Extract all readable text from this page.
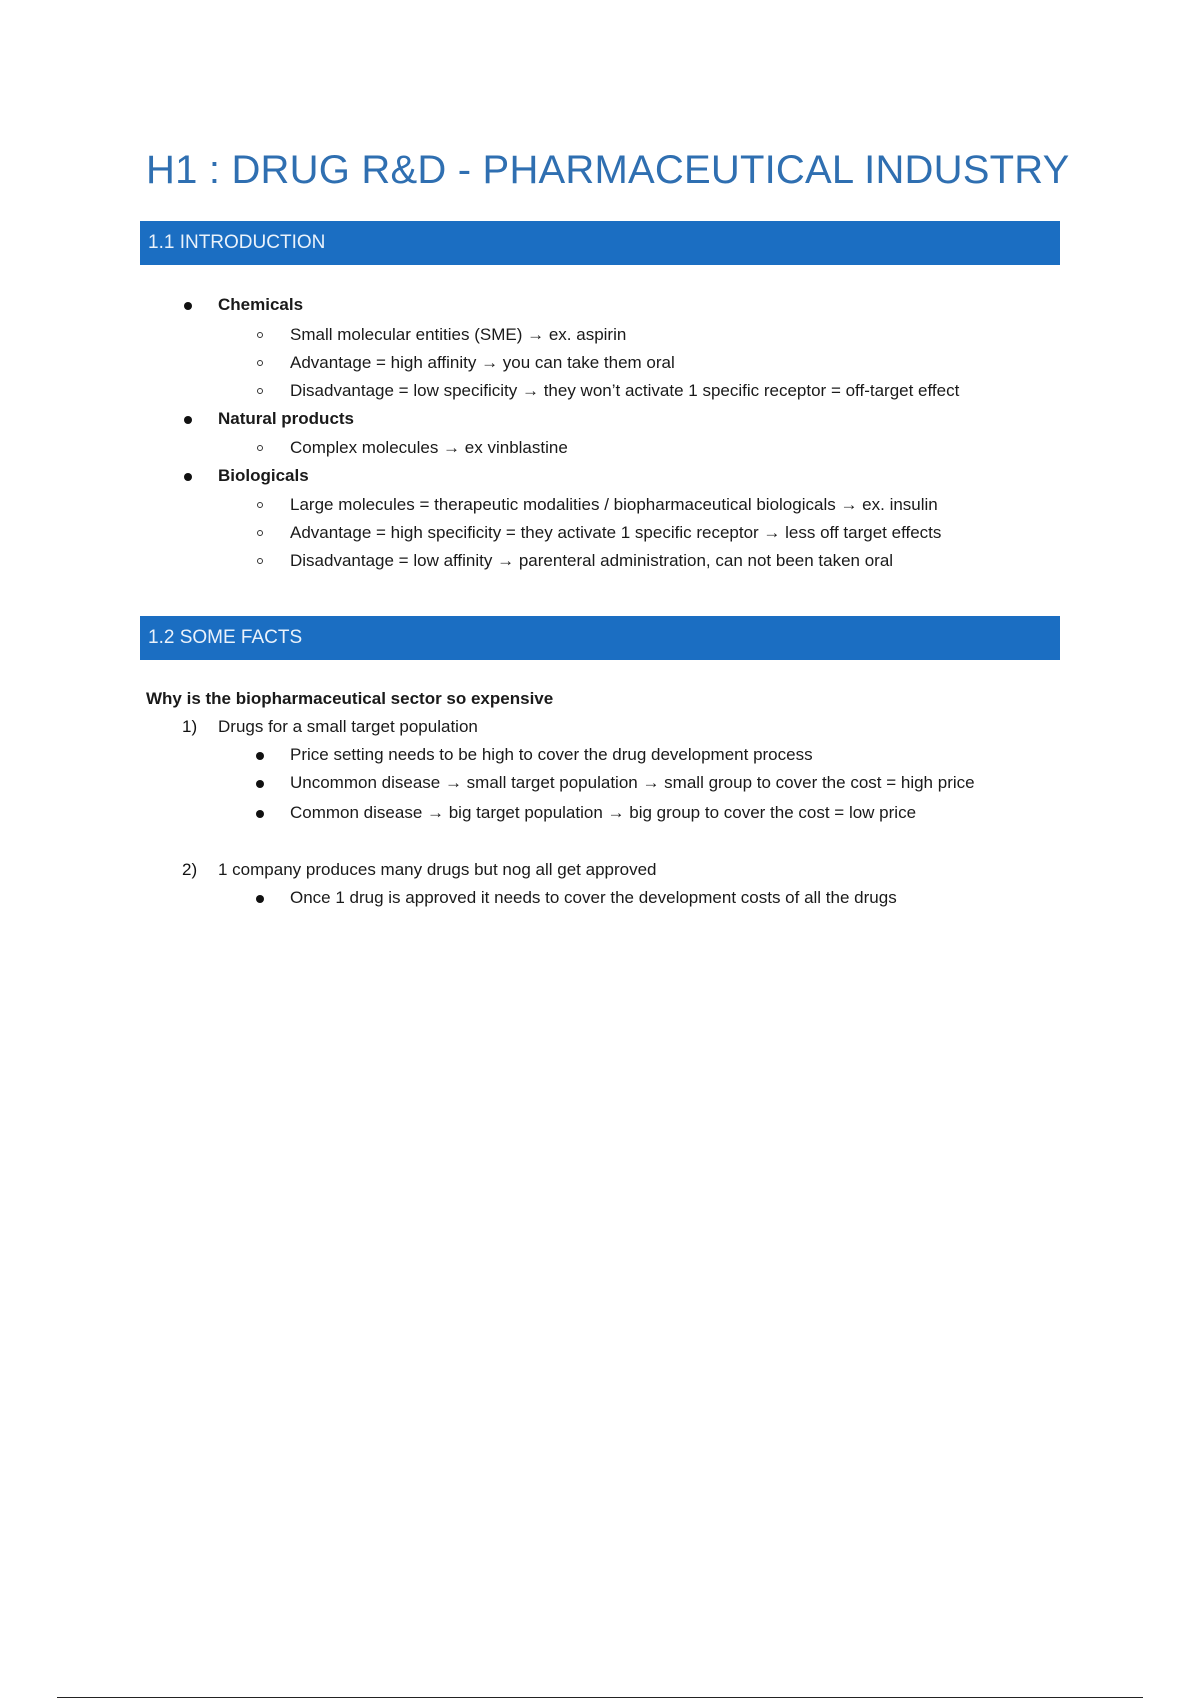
H1 : DRUG R&D - PHARMACEUTICAL INDUSTRY
1.1 INTRODUCTION
Chemicals
Small molecular entities (SME) → ex. aspirin
Advantage = high affinity → you can take them oral
Disadvantage = low specificity → they won’t activate 1 specific receptor = off-target effect
Natural products
Complex molecules → ex vinblastine
Biologicals
Large molecules = therapeutic modalities / biopharmaceutical biologicals → ex. insulin
Advantage = high specificity = they activate 1 specific receptor → less off target effects
Disadvantage = low affinity → parenteral administration, can not been taken oral
1.2 SOME FACTS
Why is the biopharmaceutical sector so expensive
1) Drugs for a small target population
Price setting needs to be high to cover the drug development process
Uncommon disease → small target population → small group to cover the cost = high price
Common disease → big target population → big group to cover the cost = low price
2) 1 company produces many drugs but nog all get approved
Once 1 drug is approved it needs to cover the development costs of all the drugs
